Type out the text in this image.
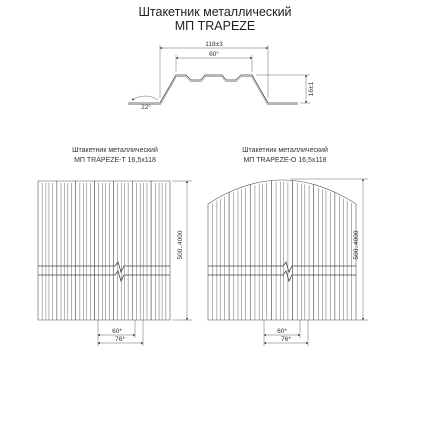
Штакетник металлический
МП TRAPEZE
118±3
60°
16±1
22°
Штакетник металлический
МП TRAPEZE-T 16,5x118
500..4000
60*
76*
Штакетник металлический
МП TRAPEZE-O 16,5x118
500..4000
60*
76*
